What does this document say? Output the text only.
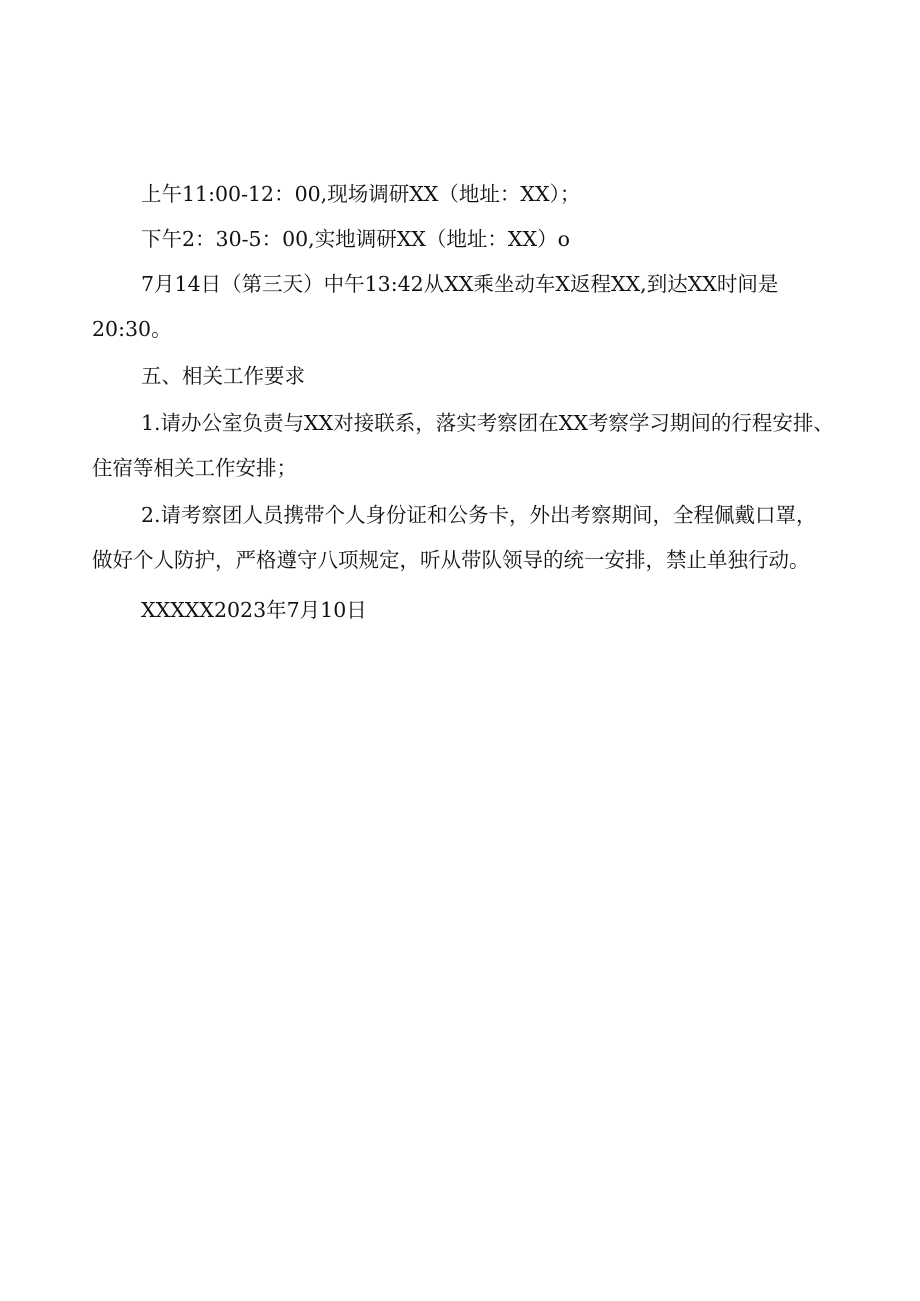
上午11:00-12：00,现场调研XX（地址：XX）；

下午2：30-5：00,实地调研XX（地址：XX）o

7月14日（第三天）中午13:42从XX乘坐动车X返程XX,到达XX时间是20:30。

五、相关工作要求

1.请办公室负责与XX对接联系，落实考察团在XX考察学习期间的行程安排、住宿等相关工作安排；

2.请考察团人员携带个人身份证和公务卡，外出考察期间，全程佩戴口罩，做好个人防护，严格遵守八项规定，听从带队领导的统一安排，禁止单独行动。

XXXXX2023年7月10日
